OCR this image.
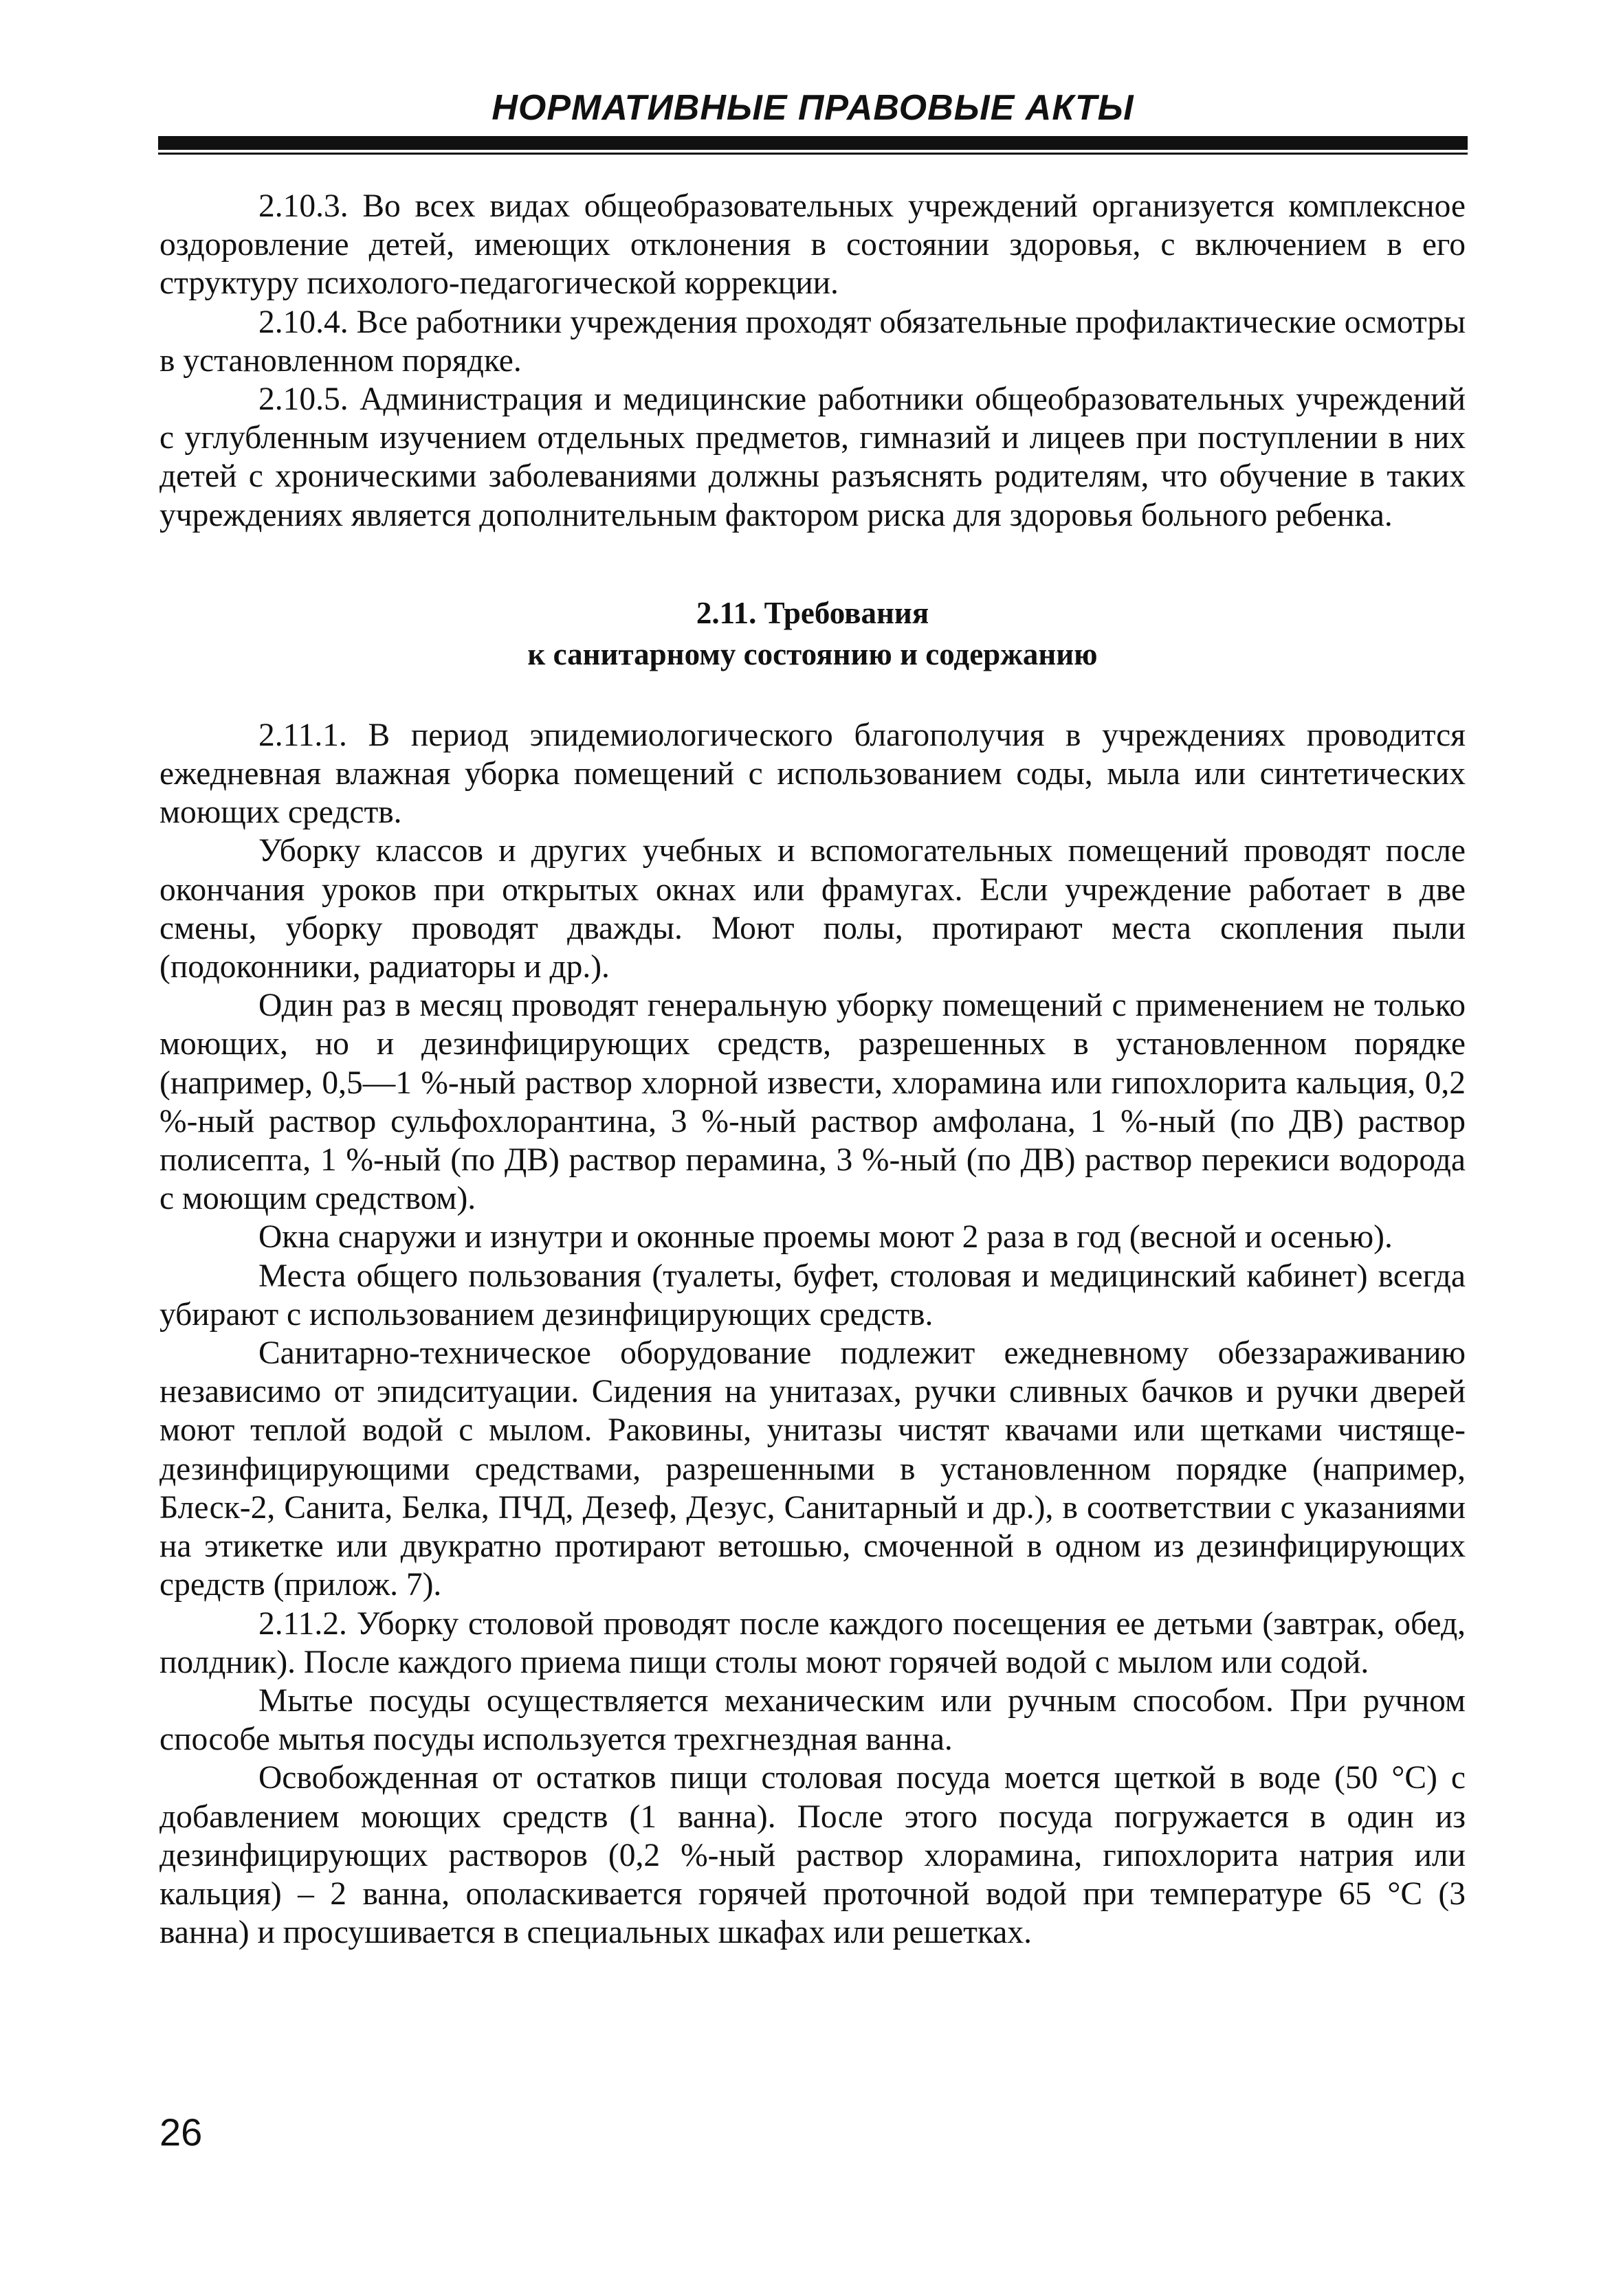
НОРМАТИВНЫЕ ПРАВОВЫЕ АКТЫ

2.10.3. Во всех видах общеобразовательных учреждений организуется комплексное оздоровление детей, имеющих отклонения в состоянии здоровья, с включением в его структуру психолого-педагогической коррекции.

2.10.4. Все работники учреждения проходят обязательные профилактические осмотры в установленном порядке.

2.10.5. Администрация и медицинские работники общеобразовательных учреждений с углубленным изучением отдельных предметов, гимназий и лицеев при поступлении в них детей с хроническими заболеваниями должны разъяснять родителям, что обучение в таких учреждениях является дополнительным фактором риска для здоровья больного ребенка.

2.11. Требования
к санитарному состоянию и содержанию

2.11.1. В период эпидемиологического благополучия в учреждениях проводится ежедневная влажная уборка помещений с использованием соды, мыла или синтетических моющих средств.

Уборку классов и других учебных и вспомогательных помещений проводят после окончания уроков при открытых окнах или фрамугах. Если учреждение работает в две смены, уборку проводят дважды. Моют полы, протирают места скопления пыли (подоконники, радиаторы и др.).

Один раз в месяц проводят генеральную уборку помещений с применением не только моющих, но и дезинфицирующих средств, разрешенных в установленном порядке (например, 0,5—1 %-ный раствор хлорной извести, хлорамина или гипохлорита кальция, 0,2 %-ный раствор сульфохлорантина, 3 %-ный раствор амфолана, 1 %-ный (по ДВ) раствор полисепта, 1 %-ный (по ДВ) раствор перамина, 3 %-ный (по ДВ) раствор перекиси водорода с моющим средством).

Окна снаружи и изнутри и оконные проемы моют 2 раза в год (весной и осенью).

Места общего пользования (туалеты, буфет, столовая и медицинский кабинет) всегда убирают с использованием дезинфицирующих средств.

Санитарно-техническое оборудование подлежит ежедневному обеззараживанию независимо от эпидситуации. Сидения на унитазах, ручки сливных бачков и ручки дверей моют теплой водой с мылом. Раковины, унитазы чистят квачами или щетками чистяще-дезинфицирующими средствами, разрешенными в установленном порядке (например, Блеск-2, Санита, Белка, ПЧД, Дезеф, Дезус, Санитарный и др.), в соответствии с указаниями на этикетке или двукратно протирают ветошью, смоченной в одном из дезинфицирующих средств (прилож. 7).

2.11.2. Уборку столовой проводят после каждого посещения ее детьми (завтрак, обед, полдник). После каждого приема пищи столы моют горячей водой с мылом или содой.

Мытье посуды осуществляется механическим или ручным способом. При ручном способе мытья посуды используется трехгнездная ванна.

Освобожденная от остатков пищи столовая посуда моется щеткой в воде (50 °С) с добавлением моющих средств (1 ванна). После этого посуда погружается в один из дезинфицирующих растворов (0,2 %-ный раствор хлорамина, гипохлорита натрия или кальция) – 2 ванна, ополаскивается горячей проточной водой при температуре 65 °С (3 ванна) и просушивается в специальных шкафах или решетках.

26
